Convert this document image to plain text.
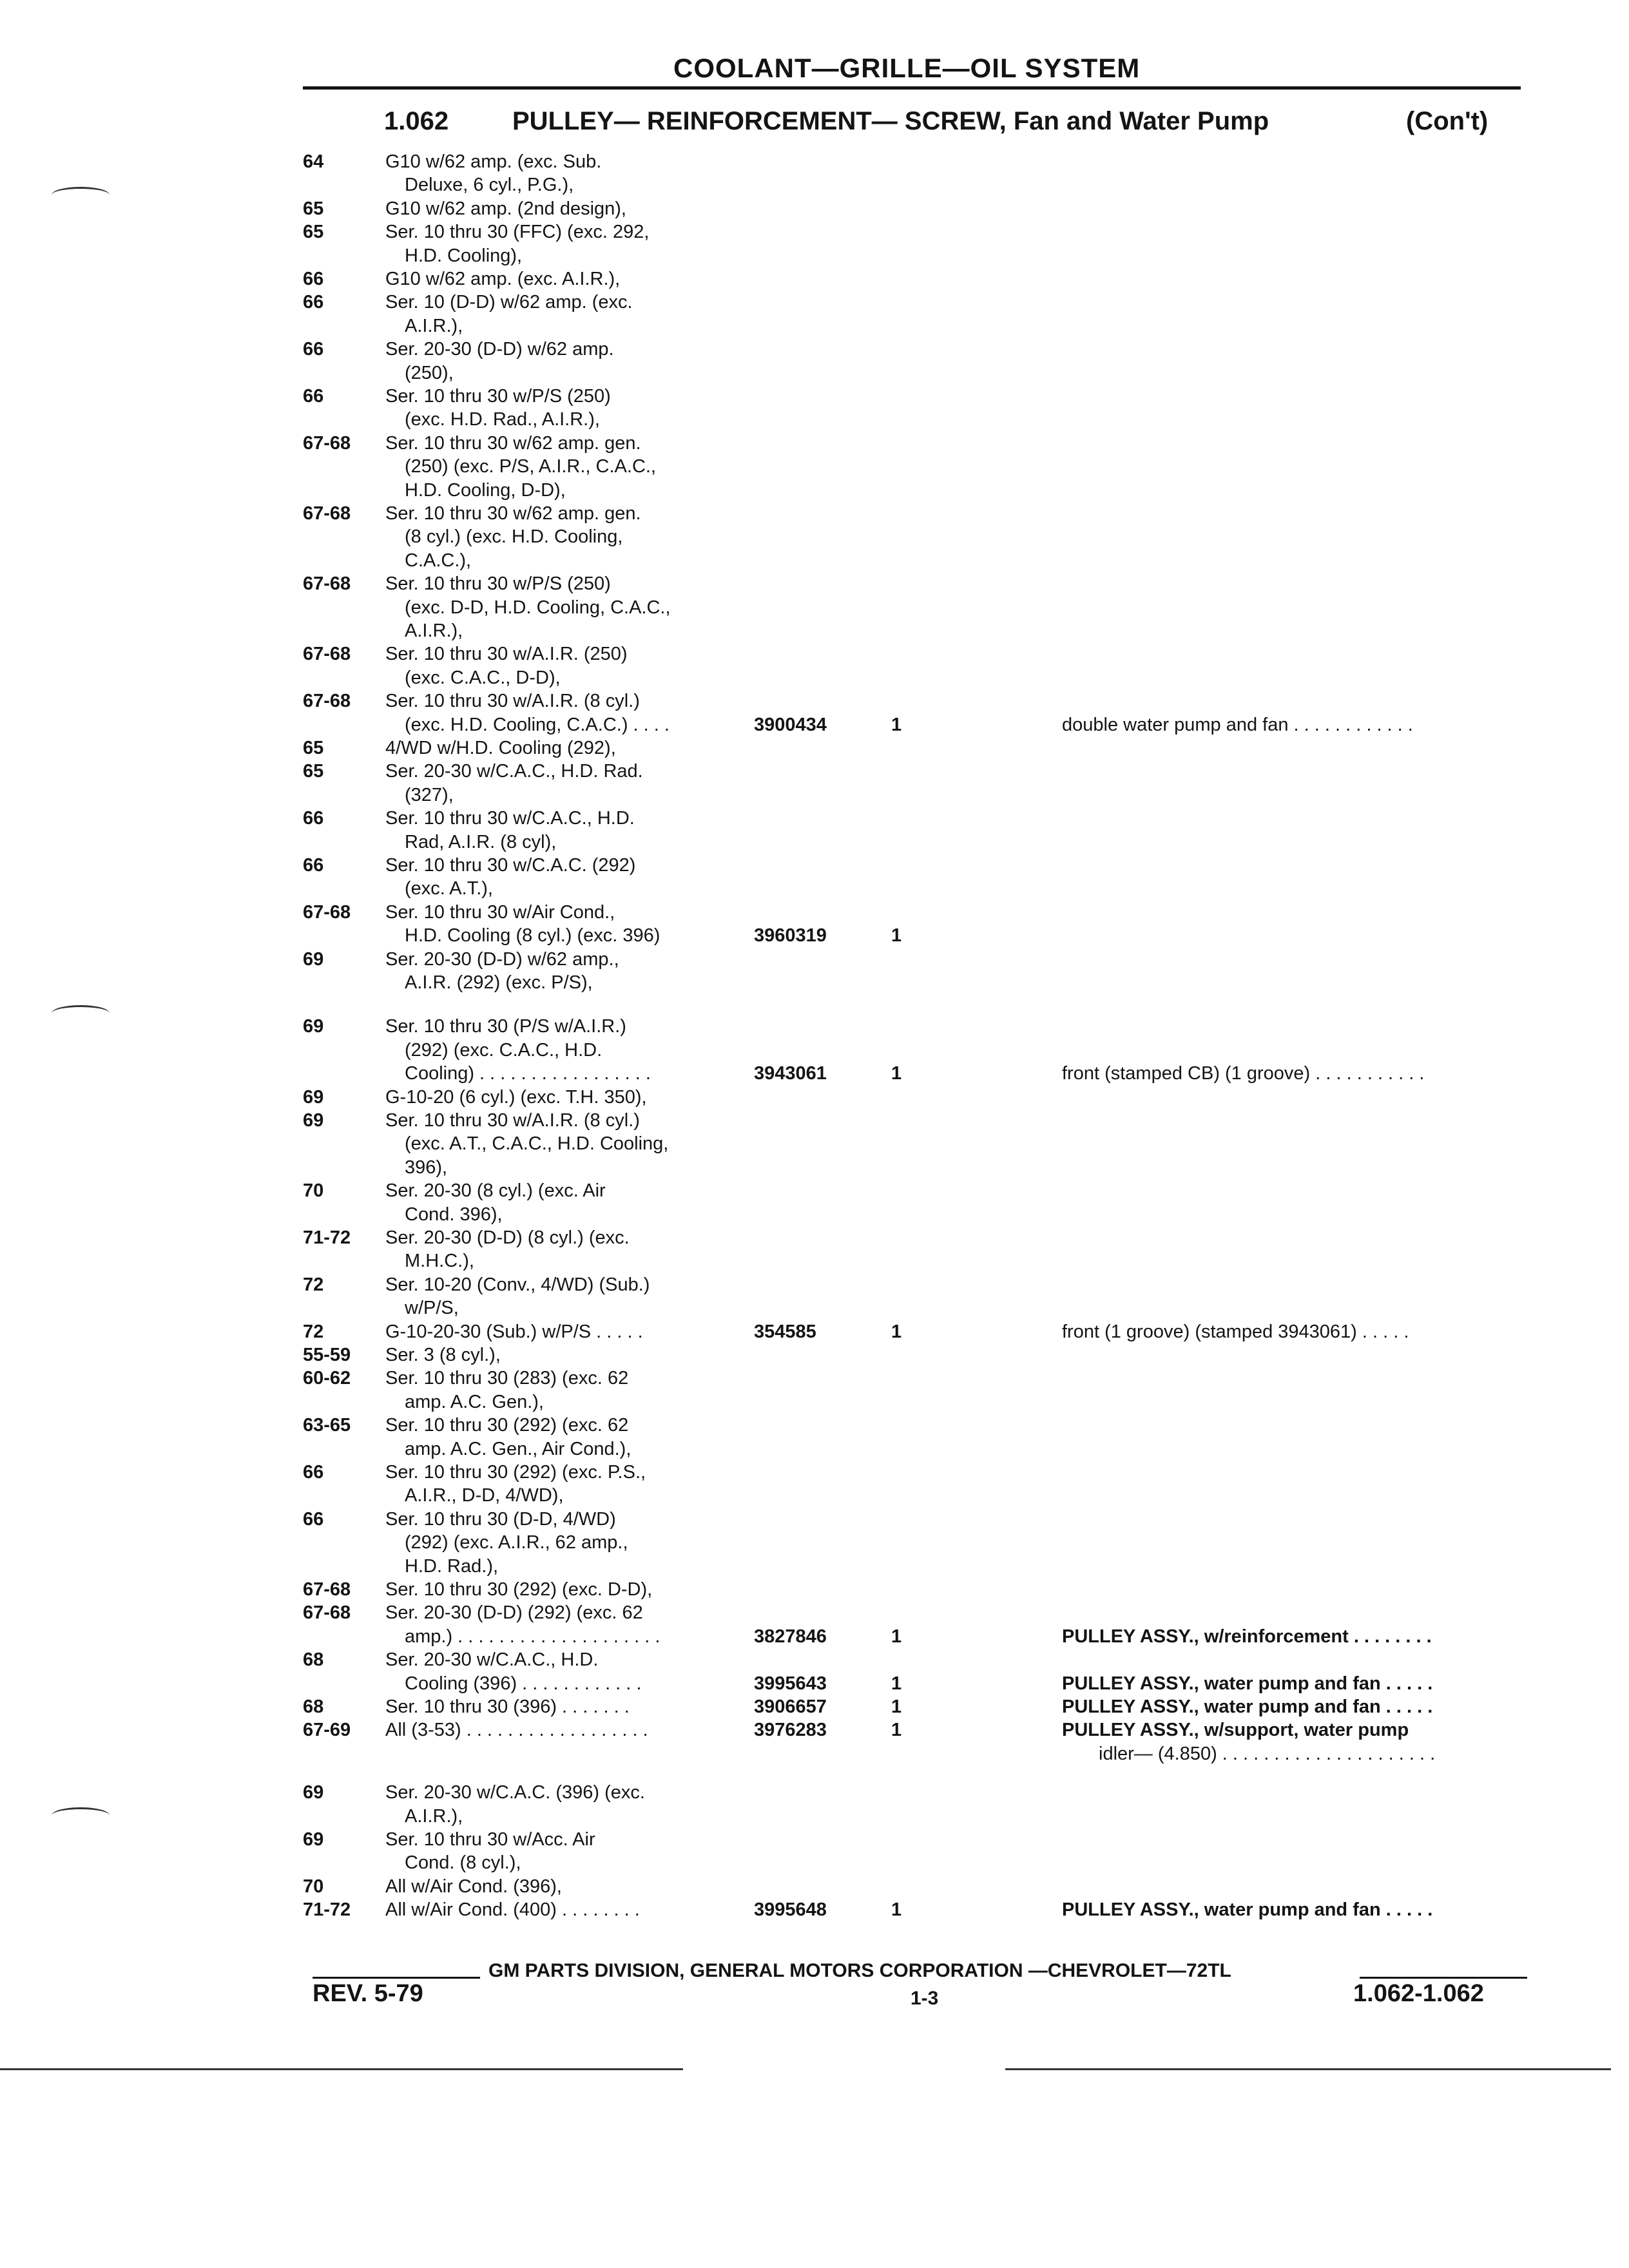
COOLANT—GRILLE—OIL SYSTEM
1.062 PULLEY— REINFORCEMENT— SCREW, Fan and Water Pump	(Con't)
64	G10 w/62 amp. (exc. Sub.
Deluxe, 6 cyl., P.G.),
65	G10 w/62 amp. (2nd design),
65	Ser. 10 thru 30 (FFC) (exc. 292,
H.D. Cooling),
66	G10 w/62 amp. (exc. A.I.R.),
66	Ser. 10 (D-D) w/62 amp. (exc.
A.I.R.),
66	Ser. 20-30 (D-D) w/62 amp.
(250),
66	Ser. 10 thru 30 w/P/S (250)
(exc. H.D. Rad., A.I.R.),
67-68 Ser. 10 thru 30 w/62 amp. gen.
(250) (exc. P/S, A.I.R., C.A.C.,
H.D. Cooling, D-D),
67-68 Ser. 10 thru 30 w/62 amp. gen.
(8 cyl.) (exc. H.D. Cooling,
C.A.C.),
67-68 Ser. 10 thru 30 w/P/S (250)
(exc. D-D, H.D. Cooling, C.A.C.,
A.I.R.),
67-68 Ser. 10 thru 30 w/A.I.R. (250)
(exc. C.A.C., D-D),
67-68 Ser. 10 thru 30 w/A.I.R. (8 cyl.)
(exc. H.D. Cooling, C.A.C.) . . . .	3900434	1	double water pump and fan . . . . . . . . . . . .
65	4/WD w/H.D. Cooling (292),
65	Ser. 20-30 w/C.A.C., H.D. Rad.
(327),
66	Ser. 10 thru 30 w/C.A.C., H.D.
Rad, A.I.R. (8 cyl),
66	Ser. 10 thru 30 w/C.A.C. (292)
(exc. A.T.),
67-68 Ser. 10 thru 30 w/Air Cond.,
H.D. Cooling (8 cyl.) (exc. 396)	3960319	1
69	Ser. 20-30 (D-D) w/62 amp.,
A.I.R. (292) (exc. P/S),
69	Ser. 10 thru 30 (P/S w/A.I.R.)
(292) (exc. C.A.C., H.D.
Cooling) . . . . . . . . . . . . . . . . .	3943061	1	front (stamped CB) (1 groove) . . . . . . . . . . .
69	G-10-20 (6 cyl.) (exc. T.H. 350),
69	Ser. 10 thru 30 w/A.I.R. (8 cyl.)
(exc. A.T., C.A.C., H.D. Cooling,
396),
70	Ser. 20-30 (8 cyl.) (exc. Air
Cond. 396),
71-72 Ser. 20-30 (D-D) (8 cyl.) (exc.
M.H.C.),
72	Ser. 10-20 (Conv., 4/WD) (Sub.)
w/P/S,
72	G-10-20-30 (Sub.) w/P/S . . . . .	354585	1	front (1 groove) (stamped 3943061) . . . . .
55-59 Ser. 3 (8 cyl.),
60-62 Ser. 10 thru 30 (283) (exc. 62
amp. A.C. Gen.),
63-65 Ser. 10 thru 30 (292) (exc. 62
amp. A.C. Gen., Air Cond.),
66	Ser. 10 thru 30 (292) (exc. P.S.,
A.I.R., D-D, 4/WD),
66	Ser. 10 thru 30 (D-D, 4/WD)
(292) (exc. A.I.R., 62 amp.,
H.D. Rad.),
67-68 Ser. 10 thru 30 (292) (exc. D-D),
67-68 Ser. 20-30 (D-D) (292) (exc. 62
amp.) . . . . . . . . . . . . . . . . . . . .	3827846	1	PULLEY ASSY., w/reinforcement . . . . . . . .
68	Ser. 20-30 w/C.A.C., H.D.
Cooling (396) . . . . . . . . . . . .	3995643	1	PULLEY ASSY., water pump and fan . . . . .
68	Ser. 10 thru 30 (396) . . . . . . .	3906657	1	PULLEY ASSY., water pump and fan . . . . .
67-69 All (3-53) . . . . . . . . . . . . . . . . . .	3976283	1	PULLEY ASSY., w/support, water pump
idler— (4.850) . . . . . . . . . . . . . . . . . . . . .
69	Ser. 20-30 w/C.A.C. (396) (exc.
A.I.R.),
69	Ser. 10 thru 30 w/Acc. Air
Cond. (8 cyl.),
70	All w/Air Cond. (396),
71-72 All w/Air Cond. (400) . . . . . . . .	3995648	1	PULLEY ASSY., water pump and fan . . . . .
GM PARTS DIVISION, GENERAL MOTORS CORPORATION —CHEVROLET—72TL
REV. 5-79	1-3	1.062-1.062
